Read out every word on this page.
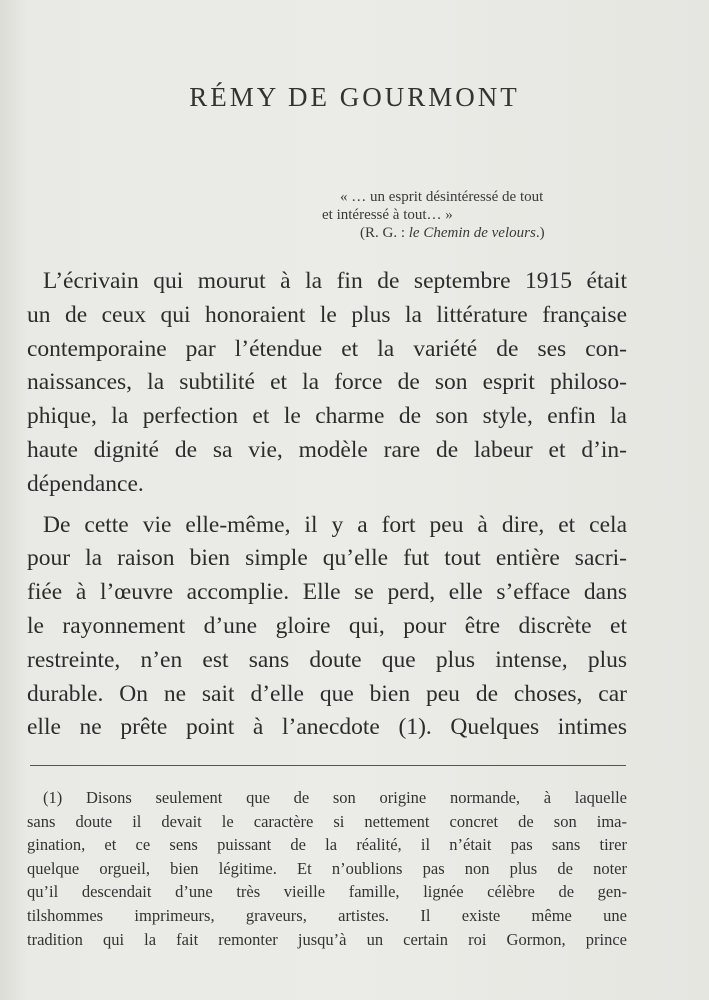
RÉMY DE GOURMONT
« … un esprit désintéressé de tout
et intéressé à tout… »
(R. G. : le Chemin de velours.)
L’écrivain qui mourut à la fin de septembre 1915 était
un de ceux qui honoraient le plus la littérature française
contemporaine par l’étendue et la variété de ses con-
naissances, la subtilité et la force de son esprit philoso-
phique, la perfection et le charme de son style, enfin la
haute dignité de sa vie, modèle rare de labeur et d’in-
dépendance.
De cette vie elle-même, il y a fort peu à dire, et cela
pour la raison bien simple qu’elle fut tout entière sacri-
fiée à l’œuvre accomplie. Elle se perd, elle s’efface dans
le rayonnement d’une gloire qui, pour être discrète et
restreinte, n’en est sans doute que plus intense, plus
durable. On ne sait d’elle que bien peu de choses, car
elle ne prête point à l’anecdote (1). Quelques intimes
(1) Disons seulement que de son origine normande, à laquelle
sans doute il devait le caractère si nettement concret de son ima-
gination, et ce sens puissant de la réalité, il n’était pas sans tirer
quelque orgueil, bien légitime. Et n’oublions pas non plus de noter
qu’il descendait d’une très vieille famille, lignée célèbre de gen-
tilshommes imprimeurs, graveurs, artistes. Il existe même une
tradition qui la fait remonter jusqu’à un certain roi Gormon, prince
